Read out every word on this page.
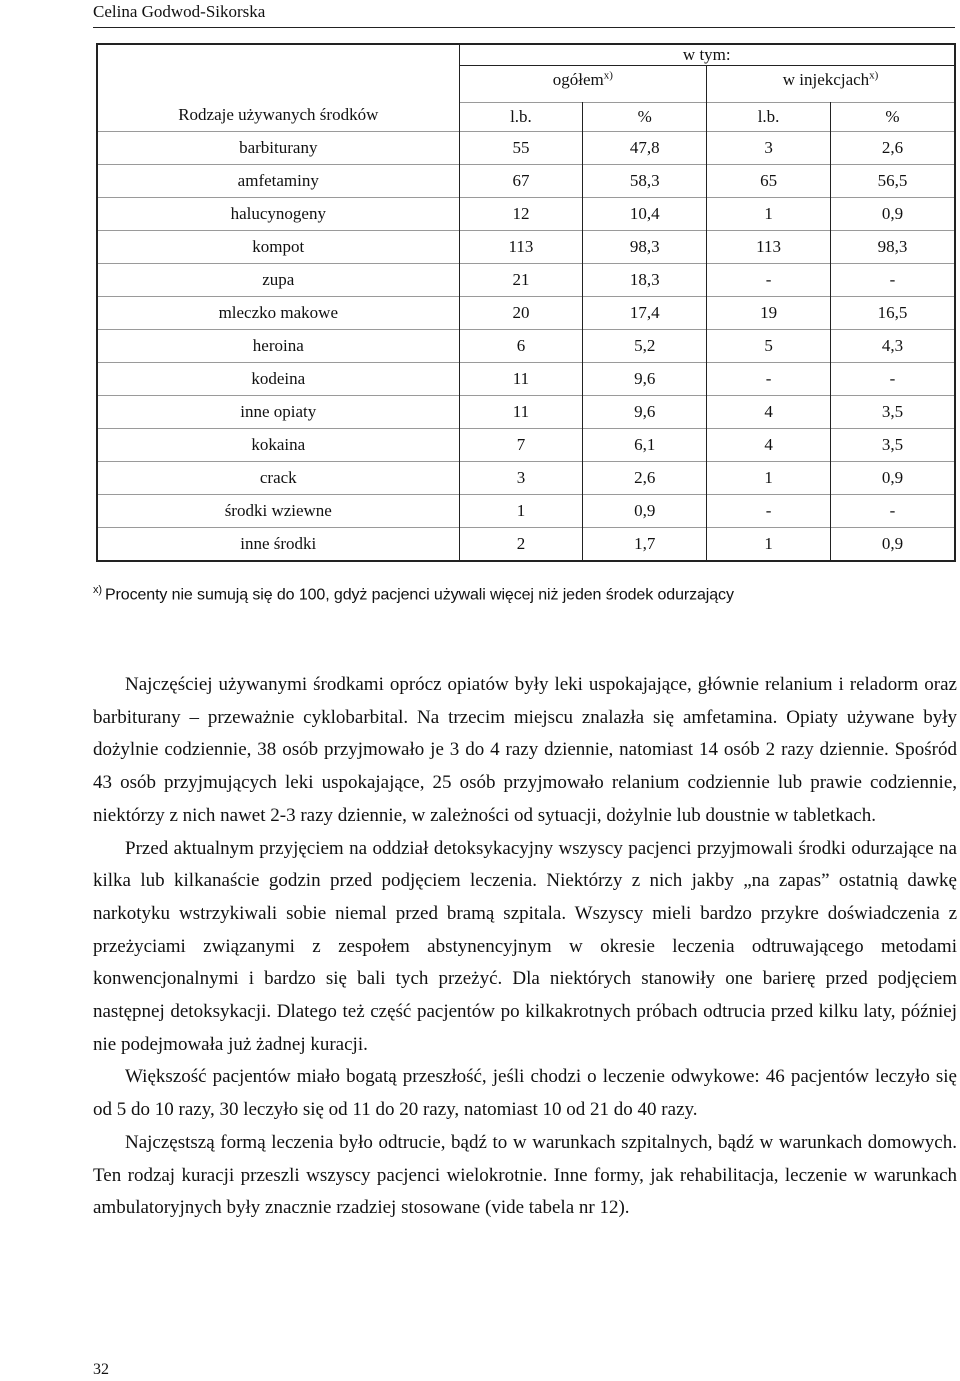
Celina Godwod-Sikorska
Rodzaje używanych środków	w tym:			
	ogółem$^{x)}$		w injekcjach$^{x)}$
	l.b.	%	l.b.	%
barbiturany	55	47,8	3	2,6
amfetaminy	67	58,3	65	56,5
halucynogeny	12	10,4	1	0,9
kompot	113	98,3	113	98,3
zupa	21	18,3	-	-
mleczko makowe	20	17,4	19	16,5
heroina	6	5,2	5	4,3
kodeina	11	9,6	-	-
inne opiaty	11	9,6	4	3,5
kokaina	7	6,1	4	3,5
crack	3	2,6	1	0,9
środki wziewne	1	0,9	-	-
inne środki	2	1,7	1	0,9
$^{x)}$ Procenty nie sumują się do 100, gdyż pacjenci używali więcej niż jeden środek odurzający

Najczęściej używanymi środkami oprócz opiatów były leki uspokajające, głównie relanium i reladorm oraz barbiturany – przeważnie cyklobarbital. Na trzecim miejscu znalazła się amfetamina. Opiaty używane były dożylnie codziennie, 38 osób przyjmowało je 3 do 4 razy dziennie, natomiast 14 osób 2 razy dziennie. Spośród 43 osób przyjmujących leki uspokajające, 25 osób przyjmowało relanium codziennie lub prawie codziennie, niektórzy z nich nawet 2-3 razy dziennie, w zależności od sytuacji, dożylnie lub doustnie w tabletkach.

Przed aktualnym przyjęciem na oddział detoksykacyjny wszyscy pacjenci przyjmowali środki odurzające na kilka lub kilkanaście godzin przed podjęciem leczenia. Niektórzy z nich jakby „na zapas” ostatnią dawkę narkotyku wstrzykiwali sobie niemal przed bramą szpitala. Wszyscy mieli bardzo przykre doświadczenia z przeżyciami związanymi z zespołem abstynencyjnym w okresie leczenia odtruwającego metodami konwencjonalnymi i bardzo się bali tych przeżyć. Dla niektórych stanowiły one barierę przed podjęciem następnej detoksykacji. Dlatego też część pacjentów po kilkakrotnych próbach odtrucia przed kilku laty, później nie podejmowała już żadnej kuracji.

Większość pacjentów miało bogatą przeszłość, jeśli chodzi o leczenie odwykowe: 46 pacjentów leczyło się od 5 do 10 razy, 30 leczyło się od 11 do 20 razy, natomiast 10 od 21 do 40 razy.

Najczęstszą formą leczenia było odtrucie, bądź to w warunkach szpitalnych, bądź w warunkach domowych. Ten rodzaj kuracji przeszli wszyscy pacjenci wielokrotnie. Inne formy, jak rehabilitacja, leczenie w warunkach ambulatoryjnych były znacznie rzadziej stosowane (vide tabela nr 12).

32
